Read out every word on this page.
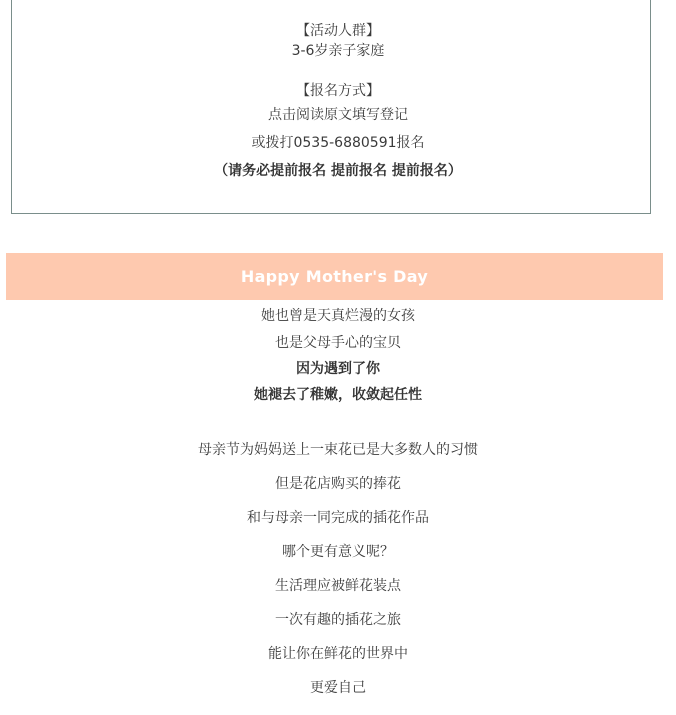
【活动人群】
3-6岁亲子家庭
【报名方式】
点击阅读原文填写登记
或拨打0535-6880591报名
（请务必提前报名 提前报名 提前报名）
Happy Mother's Day
她也曾是天真烂漫的女孩
也是父母手心的宝贝
因为遇到了你
她褪去了稚嫩，收敛起任性
母亲节为妈妈送上一束花已是大多数人的习惯
但是花店购买的捧花
和与母亲一同完成的插花作品
哪个更有意义呢？
生活理应被鲜花装点
一次有趣的插花之旅
能让你在鲜花的世界中
更爱自己
